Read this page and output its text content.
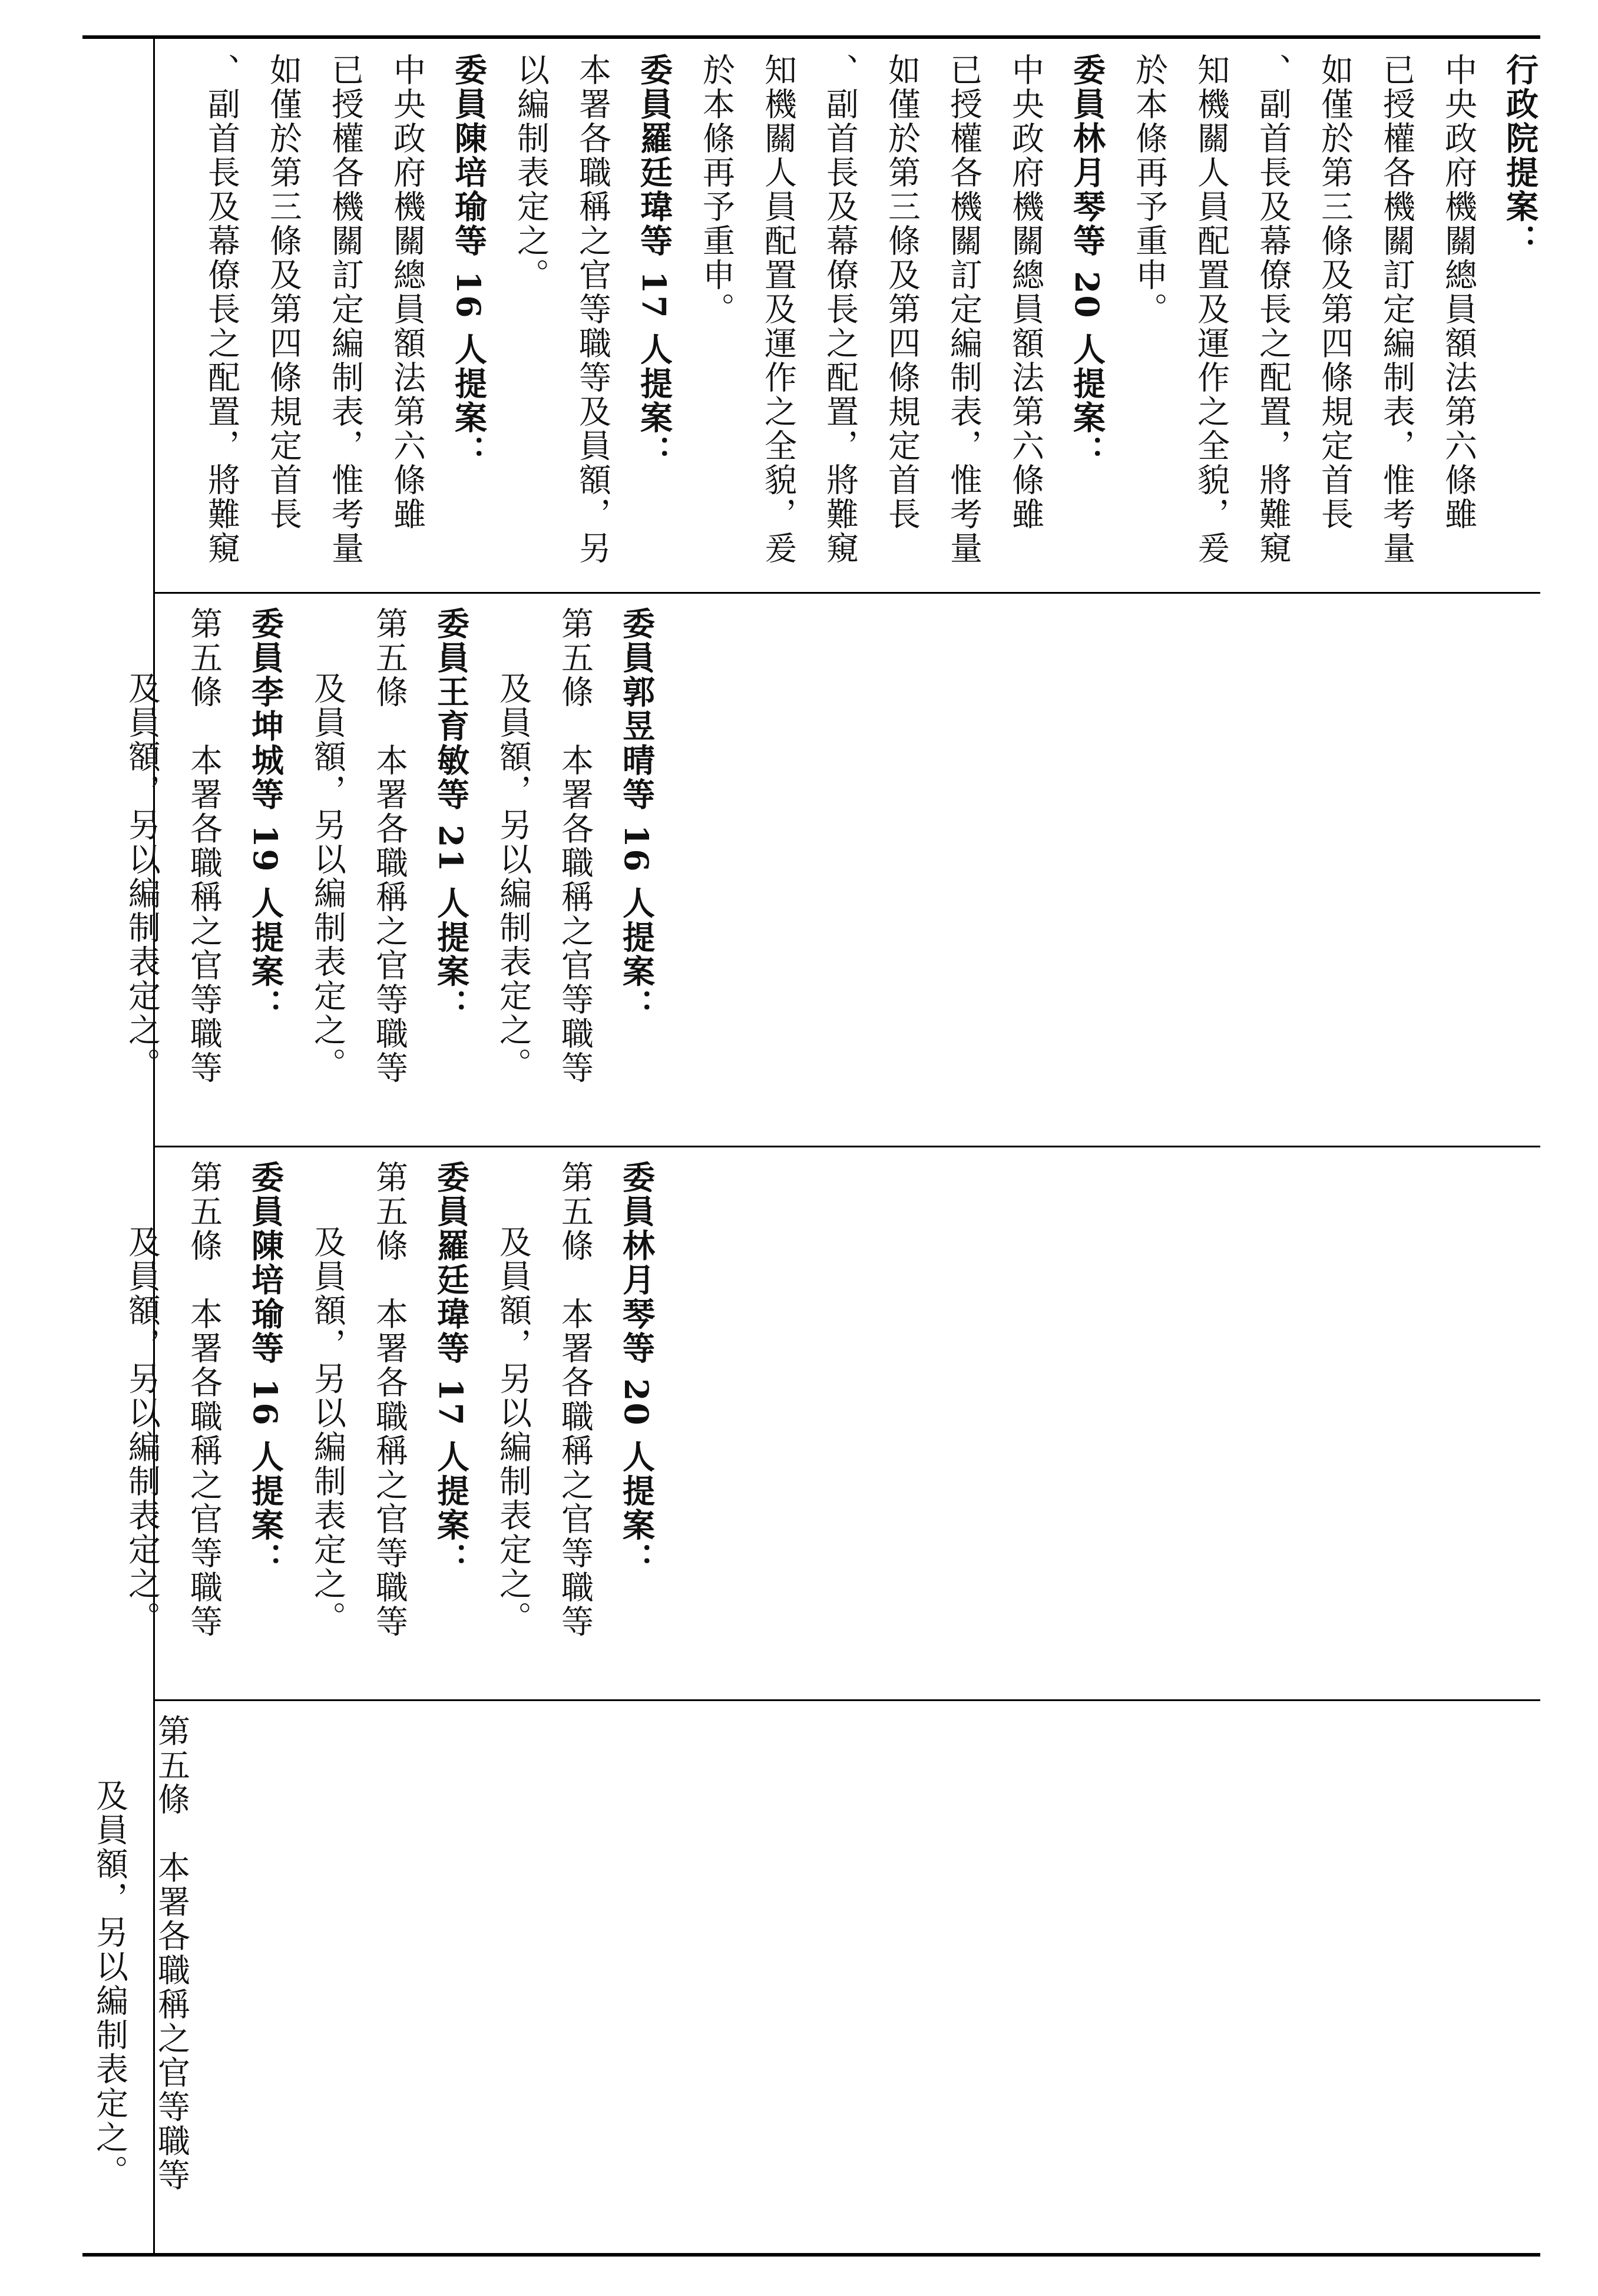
行政院提案：
中央政府機關總員額法第六條雖
已授權各機關訂定編制表，惟考量
如僅於第三條及第四條規定首長
、副首長及幕僚長之配置，將難窺
知機關人員配置及運作之全貌，爰
於本條再予重申。
委員林月琴等 20 人提案：
中央政府機關總員額法第六條雖
已授權各機關訂定編制表，惟考量
如僅於第三條及第四條規定首長
、副首長及幕僚長之配置，將難窺
知機關人員配置及運作之全貌，爰
於本條再予重申。
委員羅廷瑋等 17 人提案：
本署各職稱之官等職等及員額，另
以編制表定之。
委員陳培瑜等 16 人提案：
中央政府機關總員額法第六條雖
已授權各機關訂定編制表，惟考量
如僅於第三條及第四條規定首長
、副首長及幕僚長之配置，將難窺
委員郭昱晴等 16 人提案：
第五條　本署各職稱之官等職等
及員額，另以編制表定之。
委員王育敏等 21 人提案：
第五條　本署各職稱之官等職等
及員額，另以編制表定之。
委員李坤城等 19 人提案：
第五條　本署各職稱之官等職等
及員額，另以編制表定之。
委員林月琴等 20 人提案：
第五條　本署各職稱之官等職等
及員額，另以編制表定之。
委員羅廷瑋等 17 人提案：
第五條　本署各職稱之官等職等
及員額，另以編制表定之。
委員陳培瑜等 16 人提案：
第五條　本署各職稱之官等職等
及員額，另以編制表定之。
第五條　本署各職稱之官等職等
及員額，另以編制表定之。
